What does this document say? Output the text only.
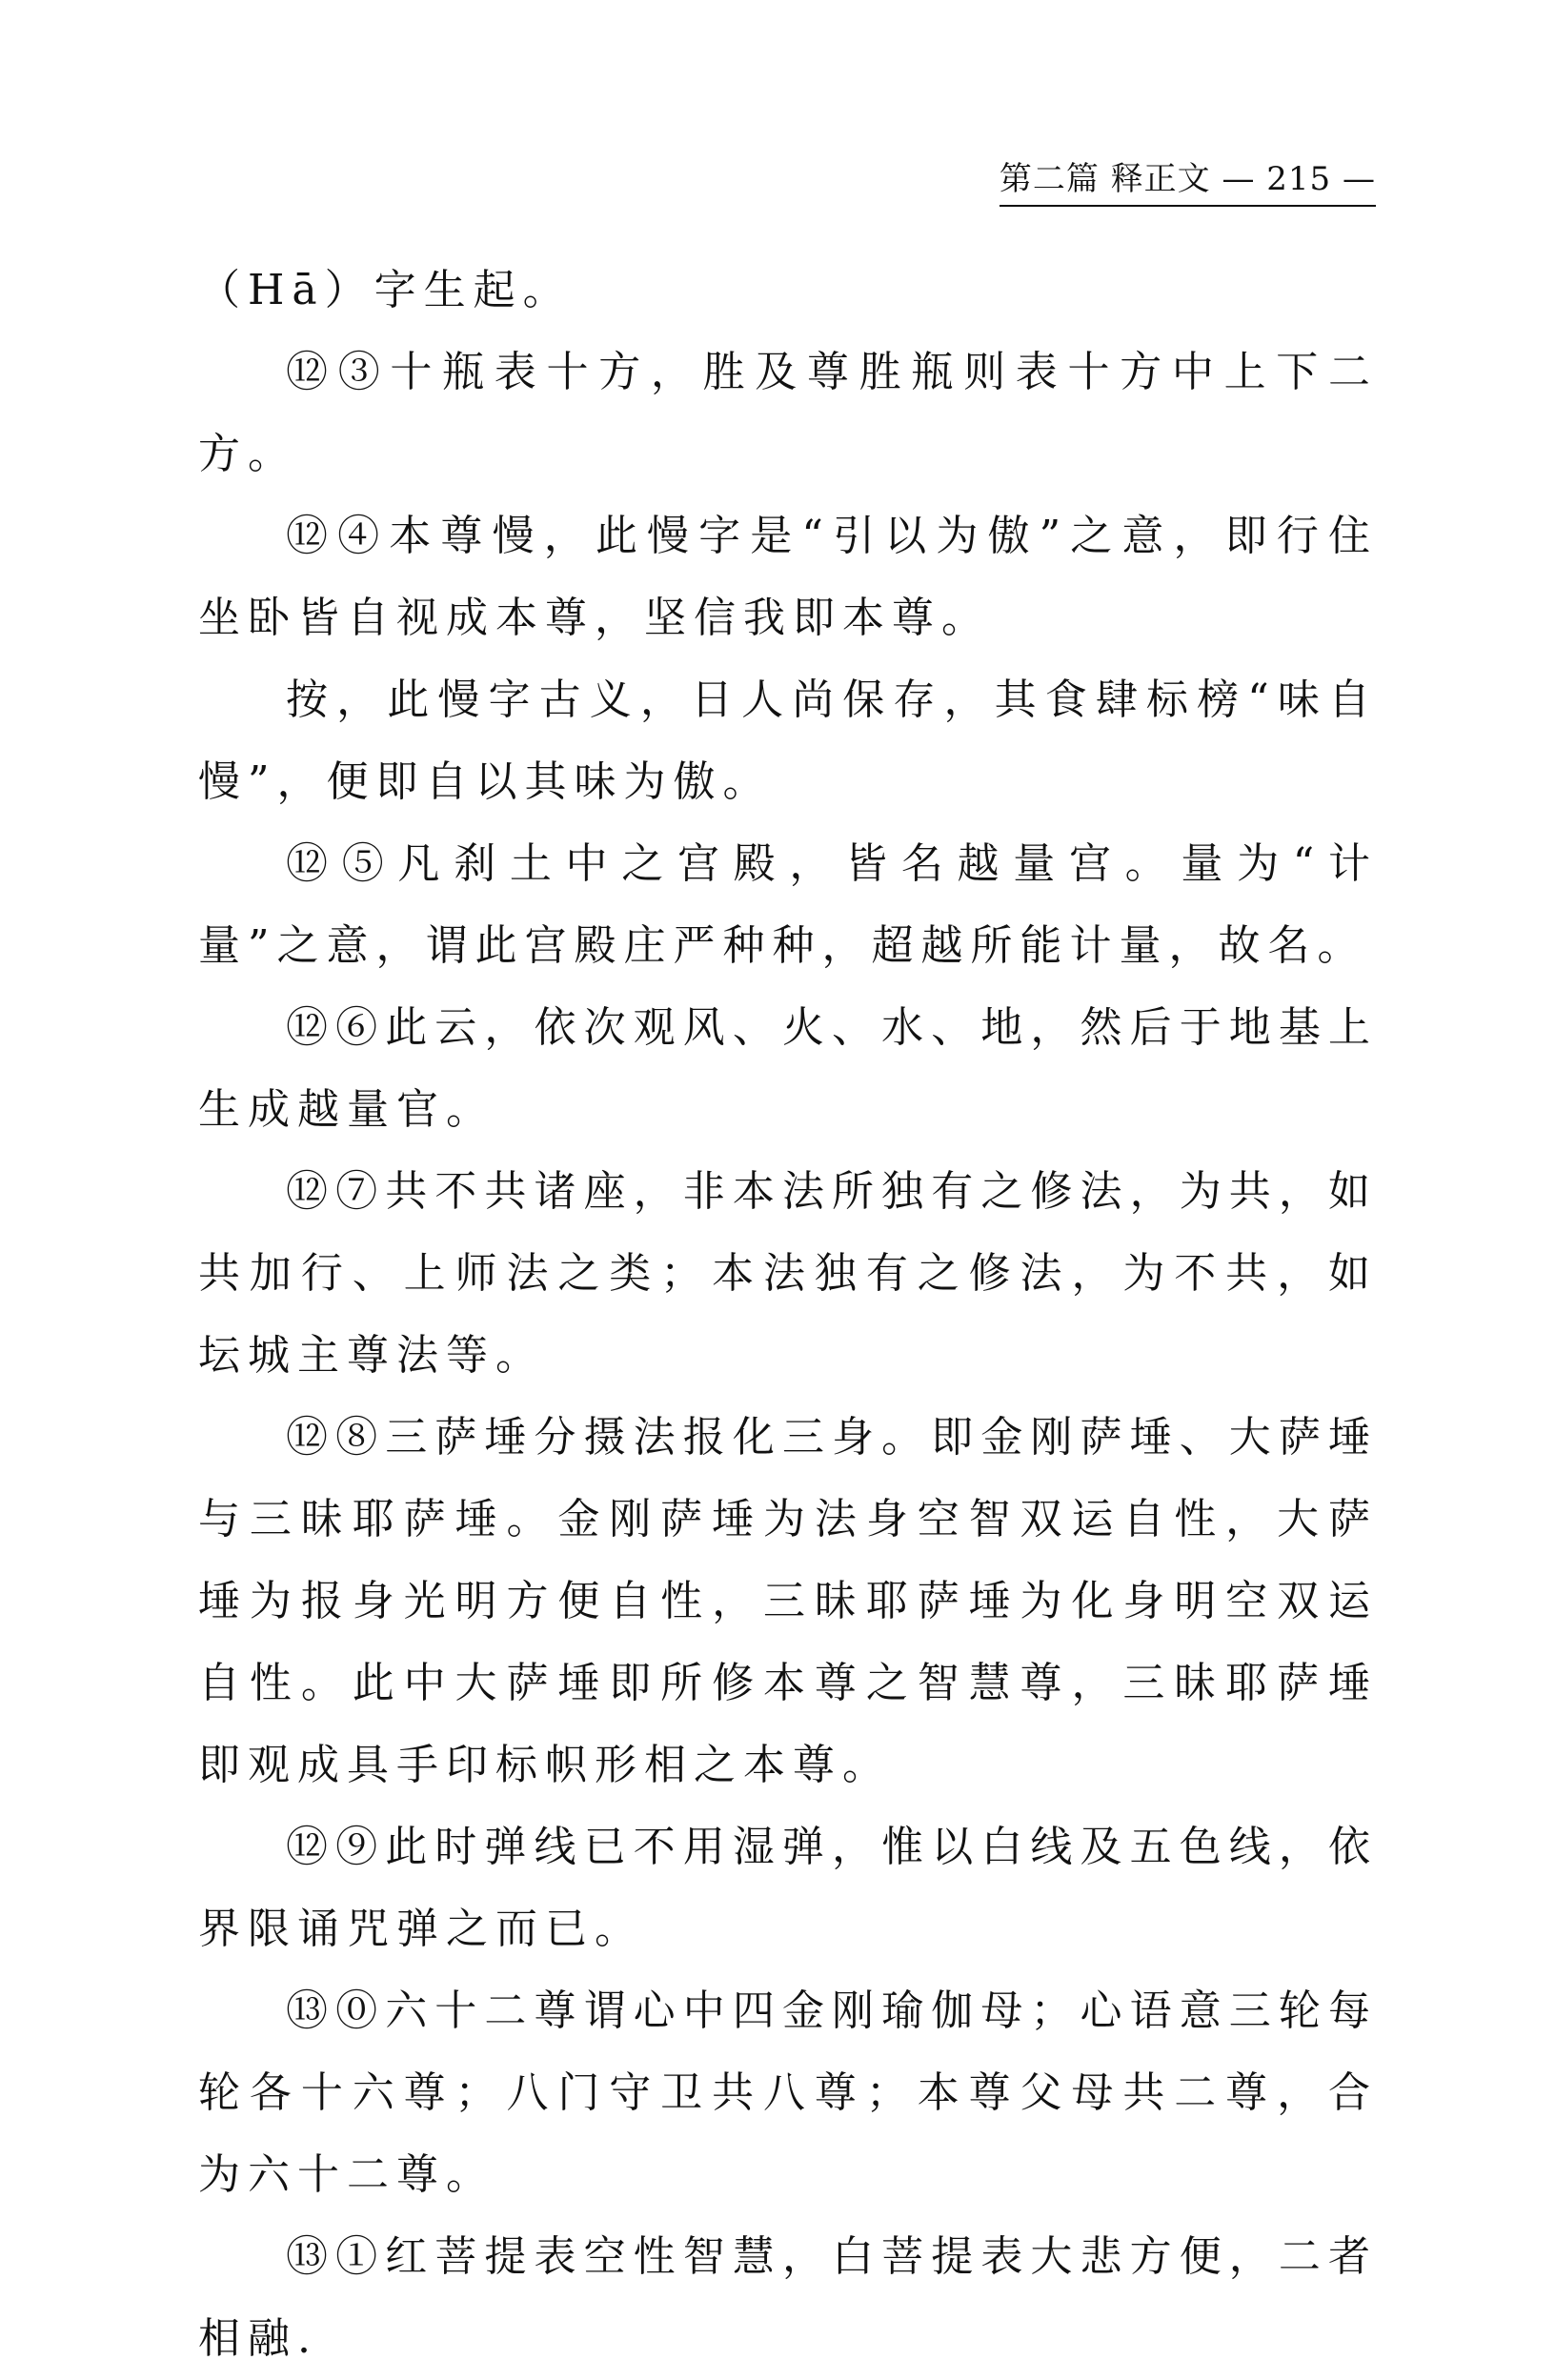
第二篇 释正文 — 215 —

（Hā）字生起。

⑫③十瓶表十方，胜及尊胜瓶则表十方中上下二方。

⑫④本尊慢，此慢字是“引以为傲”之意，即行住坐卧皆自视成本尊，坚信我即本尊。

按，此慢字古义，日人尚保存，其食肆标榜“味自慢”，便即自以其味为傲。

⑫⑤凡刹土中之宫殿，皆名越量宫。量为“计量”之意，谓此宫殿庄严种种，超越所能计量，故名。

⑫⑥此云，依次观风、火、水、地，然后于地基上生成越量官。

⑫⑦共不共诸座，非本法所独有之修法，为共，如共加行、上师法之类；本法独有之修法，为不共，如坛城主尊法等。

⑫⑧三萨埵分摄法报化三身。即金刚萨埵、大萨埵与三昧耶萨埵。金刚萨埵为法身空智双运自性，大萨埵为报身光明方便自性，三昧耶萨埵为化身明空双运自性。此中大萨埵即所修本尊之智慧尊，三昧耶萨埵即观成具手印标帜形相之本尊。

⑫⑨此时弹线已不用湿弹，惟以白线及五色线，依界限诵咒弹之而已。

⑬⓪六十二尊谓心中四金刚瑜伽母；心语意三轮每轮各十六尊；八门守卫共八尊；本尊父母共二尊，合为六十二尊。

⑬①红菩提表空性智慧，白菩提表大悲方便，二者相融.
